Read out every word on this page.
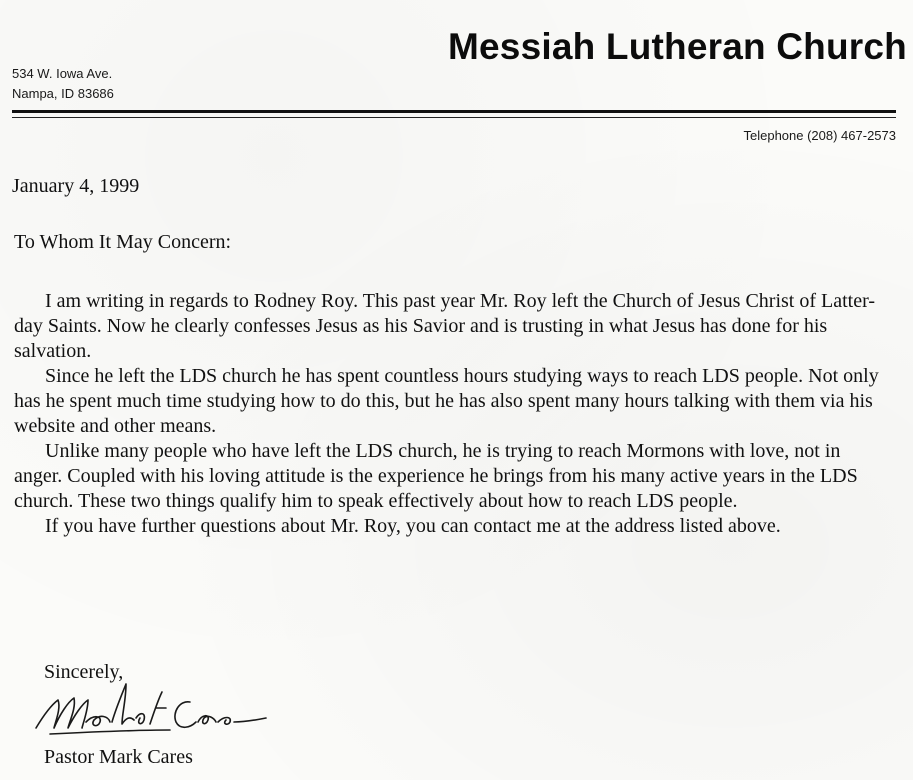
Messiah Lutheran Church
534 W. Iowa Ave.
Nampa, ID 83686
Telephone (208) 467-2573
January 4, 1999
To Whom It May Concern:

I am writing in regards to Rodney Roy. This past year Mr. Roy left the Church of Jesus Christ of Latter-day Saints. Now he clearly confesses Jesus as his Savior and is trusting in what Jesus has done for his salvation.

Since he left the LDS church he has spent countless hours studying ways to reach LDS people. Not only has he spent much time studying how to do this, but he has also spent many hours talking with them via his website and other means.

Unlike many people who have left the LDS church, he is trying to reach Mormons with love, not in anger. Coupled with his loving attitude is the experience he brings from his many active years in the LDS church. These two things qualify him to speak effectively about how to reach LDS people.

If you have further questions about Mr. Roy, you can contact me at the address listed above.

Sincerely,
Pastor Mark Cares
